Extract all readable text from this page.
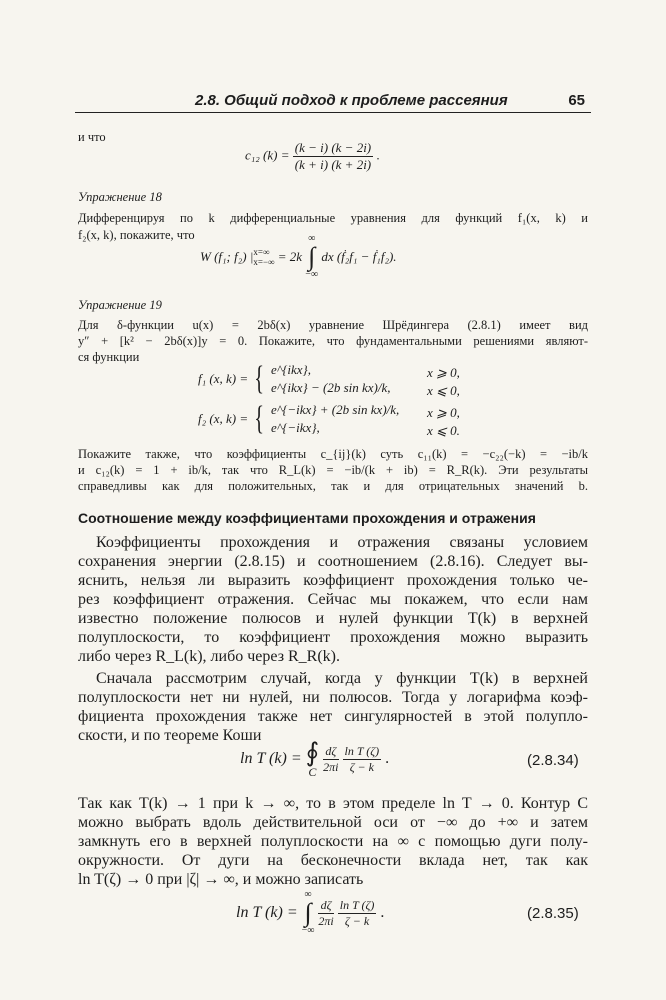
2.8. Общий подход к проблеме рассеяния	65
и что
c₁₂ $(k) = \frac{(k - i) (k - 2i)}{(k + i) (k + 2i)}$ .
Упражнение 18
Дифференцируя по k дифференциальные уравнения для функций f₁(x, k) и
f₂(x, k), покажите, что
W (f₁; f₂) | x=∞
x=−∞ = 2k
∞
∫
−∞
dx (ḟ₂f₁ − ḟ₁f₂).
Упражнение 19
Для δ-функции u(x) = 2bδ(x) уравнение Шрёдингера (2.8.1) имеет вид
y″ + [k² − 2bδ(x)]y = 0. Покажите, что фундаментальными решениями являют-
ся функции
f₁ (x, k) = { e^{ikx},
e^{ikx} − (2b sin kx)/k,
x ⩾ 0,
x ⩽ 0,
f₂ (x, k) = { e^{−ikx} + (2b sin kx)/k,
e^{−ikx},
x ⩾ 0,
x ⩽ 0.
Покажите также, что коэффициенты c_{ij}(k) суть c₁₁(k) = −c₂₂(−k) = −ib/k
и c₁₂(k) = 1 + ib/k, так что R_L(k) = −ib/(k + ib) = R_R(k). Эти результаты
справедливы как для положительных, так и для отрицательных значений b.
Соотношение между коэффициентами прохождения и отражения
Коэффициенты прохождения и отражения связаны условием
сохранения энергии (2.8.15) и соотношением (2.8.16). Следует вы-
яснить, нельзя ли выразить коэффициент прохождения только че-
рез коэффициент отражения. Сейчас мы покажем, что если нам
известно положение полюсов и нулей функции T(k) в верхней
полуплоскости, то коэффициент прохождения можно выразить
либо через R_L(k), либо через R_R(k).
Сначала рассмотрим случай, когда у функции T(k) в верхней
полуплоскости нет ни нулей, ни полюсов. Тогда у логарифма коэф-
фициента прохождения также нет сингулярностей в этой полупло-
скости, и по теореме Коши
ln T (k) = ∮
C
$\frac{d\zeta}{2\pi i}$
$\frac{\text{ln T (ζ)}}{\zeta - k}$ .	(2.8.34)
Так как T(k) → 1 при k → ∞, то в этом пределе ln T → 0. Контур C
можно выбрать вдоль действительной оси от −∞ до +∞ и затем
замкнуть его в верхней полуплоскости на ∞ с помощью дуги полу-
окружности. От дуги на бесконечности вклада нет, так как
ln T(ζ) → 0 при |ζ| → ∞, и можно записать
ln T (k) =
∞
∫
−∞

$\frac{d\zeta}{2\pi i}$
$\frac{\text{ln T (ζ)}}{\zeta - k}$ .	(2.8.35)
